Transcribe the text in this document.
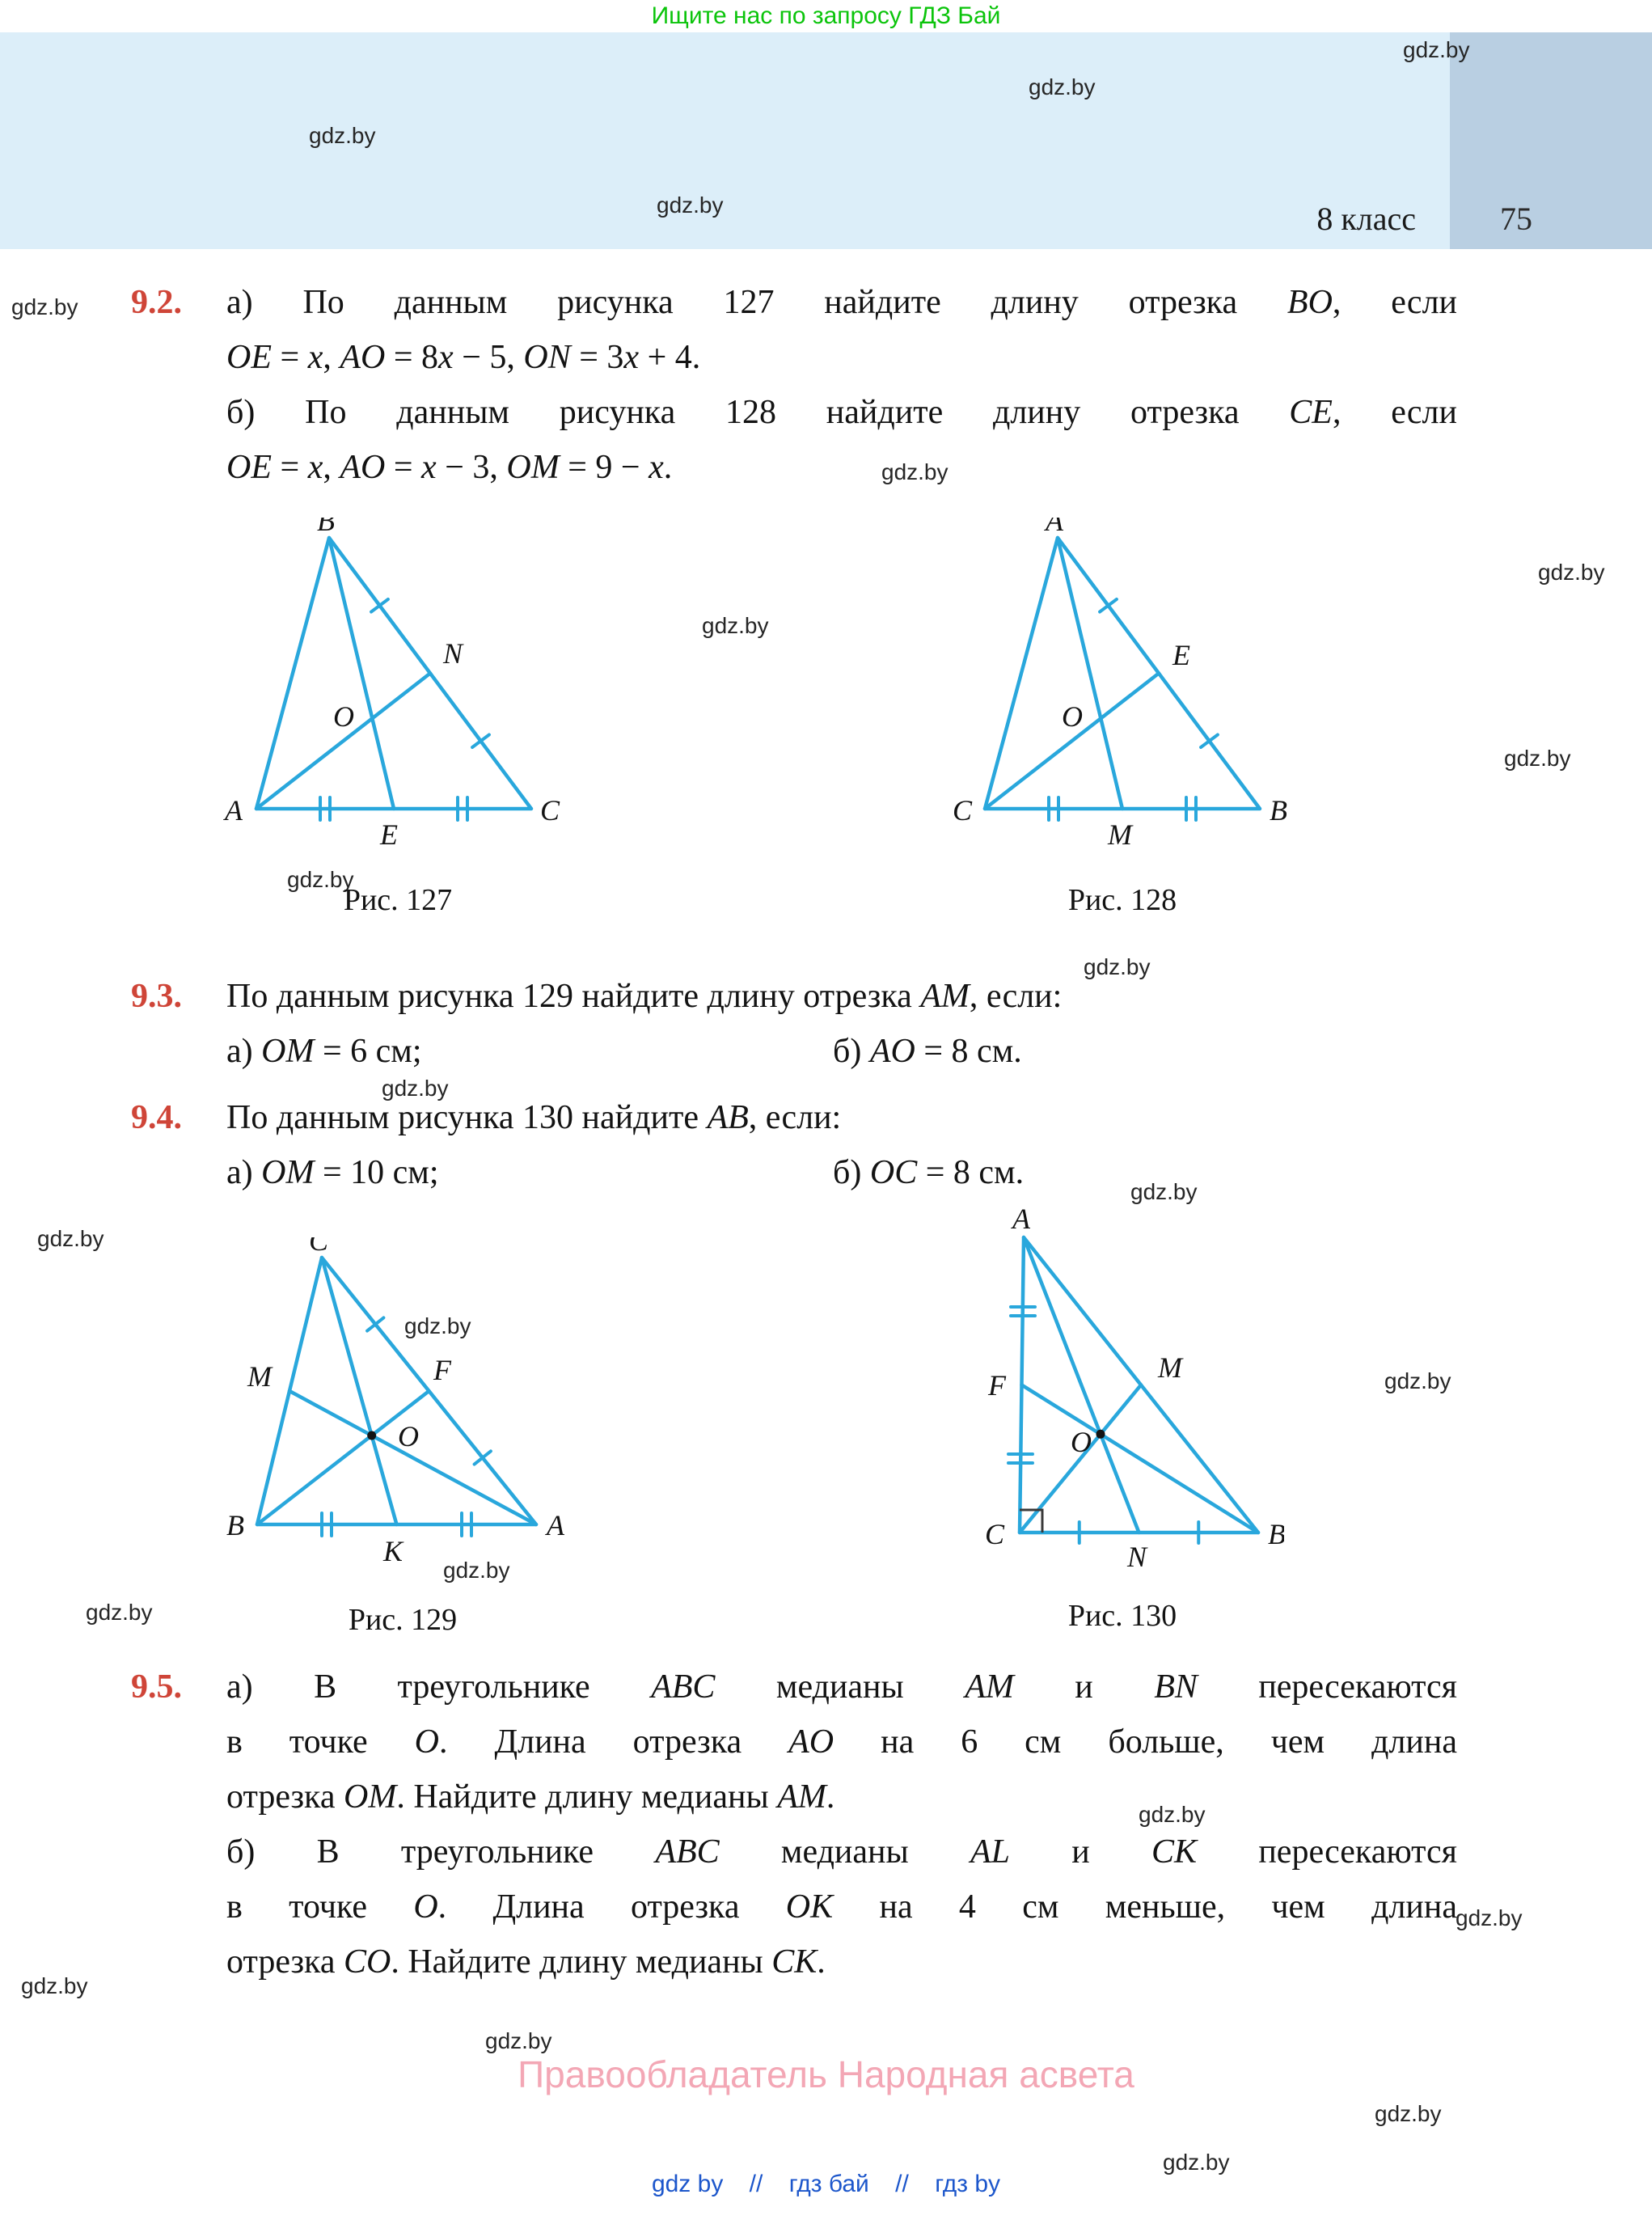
Ищите нас по запросу ГДЗ Бай
75
8 класс
gdz.by
gdz.by
gdz.by
gdz.by
gdz.by
gdz.by
gdz.by
gdz.by
gdz.by
gdz.by
gdz.by
gdz.by
gdz.by
gdz.by
gdz.by
gdz.by
gdz.by
gdz.by
gdz.by
gdz.by
gdz.by
gdz.by
gdz.by
gdz.by
9.2. а) По данным рисунка 127 найдите длину отрезка BO, если
OE = x, AO = 8x − 5, ON = 3x + 4.
б) По данным рисунка 128 найдите длину отрезка CE, если
OE = x, AO = x − 3, OM = 9 − x.
B
N
O
A
E
C
Рис. 127
A
E
O
C
M
B
Рис. 128
9.3. По данным рисунка 129 найдите длину отрезка AM, если:
а) OM = 6 см;	б) AO = 8 см.
9.4. По данным рисунка 130 найдите AB, если:
а) OM = 10 см;	б) OC = 8 см.
C
M	F
O
B
K
A
Рис. 129
A
F
M
O
C
N
B
Рис. 130
9.5. а) В треугольнике ABC медианы AM и BN пересекаются
в точке O. Длина отрезка AO на 6 см больше, чем длина
отрезка OM. Найдите длину медианы AM.
б) В треугольнике ABC медианы AL и CK пересекаются
в точке O. Длина отрезка OK на 4 см меньше, чем длина
отрезка CO. Найдите длину медианы CK.
Правообладатель Народная асвета
gdz by // гдз бай // гдз by
